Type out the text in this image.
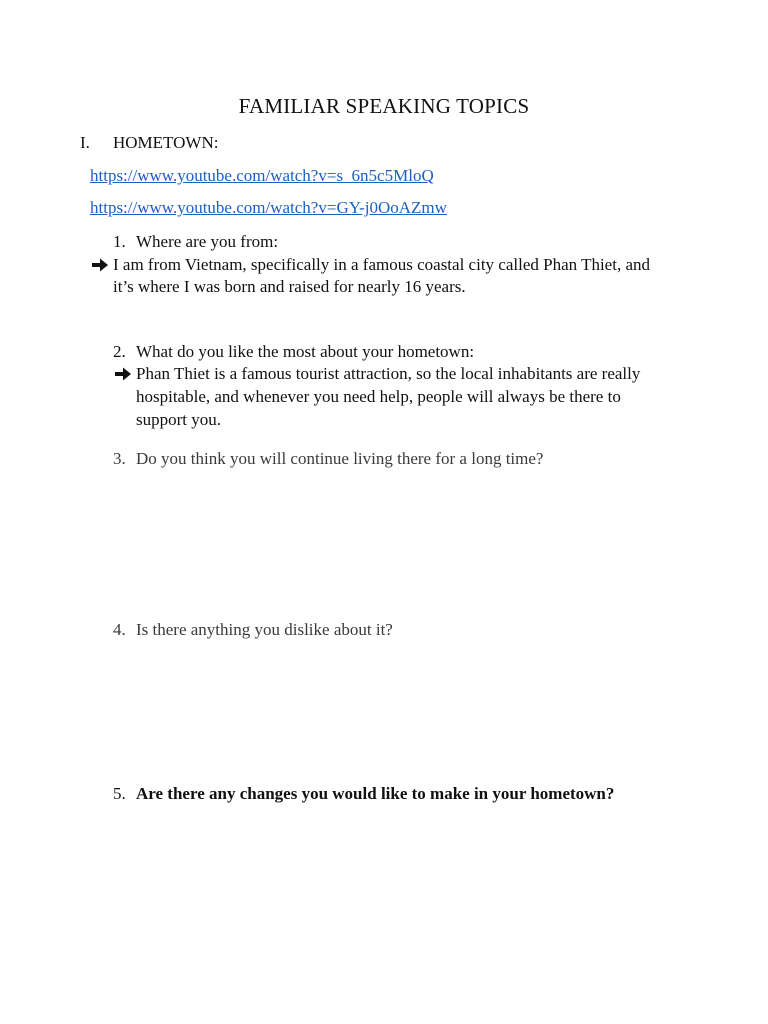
FAMILIAR SPEAKING TOPICS
I. HOMETOWN:
https://www.youtube.com/watch?v=s_6n5c5MloQ
https://www.youtube.com/watch?v=GY-j0OoAZmw
1. Where are you from:
I am from Vietnam, specifically in a famous coastal city called Phan Thiet, and
it’s where I was born and raised for nearly 16 years.
2. What do you like the most about your hometown:
Phan Thiet is a famous tourist attraction, so the local inhabitants are really
hospitable, and whenever you need help, people will always be there to
support you.
3. Do you think you will continue living there for a long time?
4. Is there anything you dislike about it?
5. Are there any changes you would like to make in your hometown?
